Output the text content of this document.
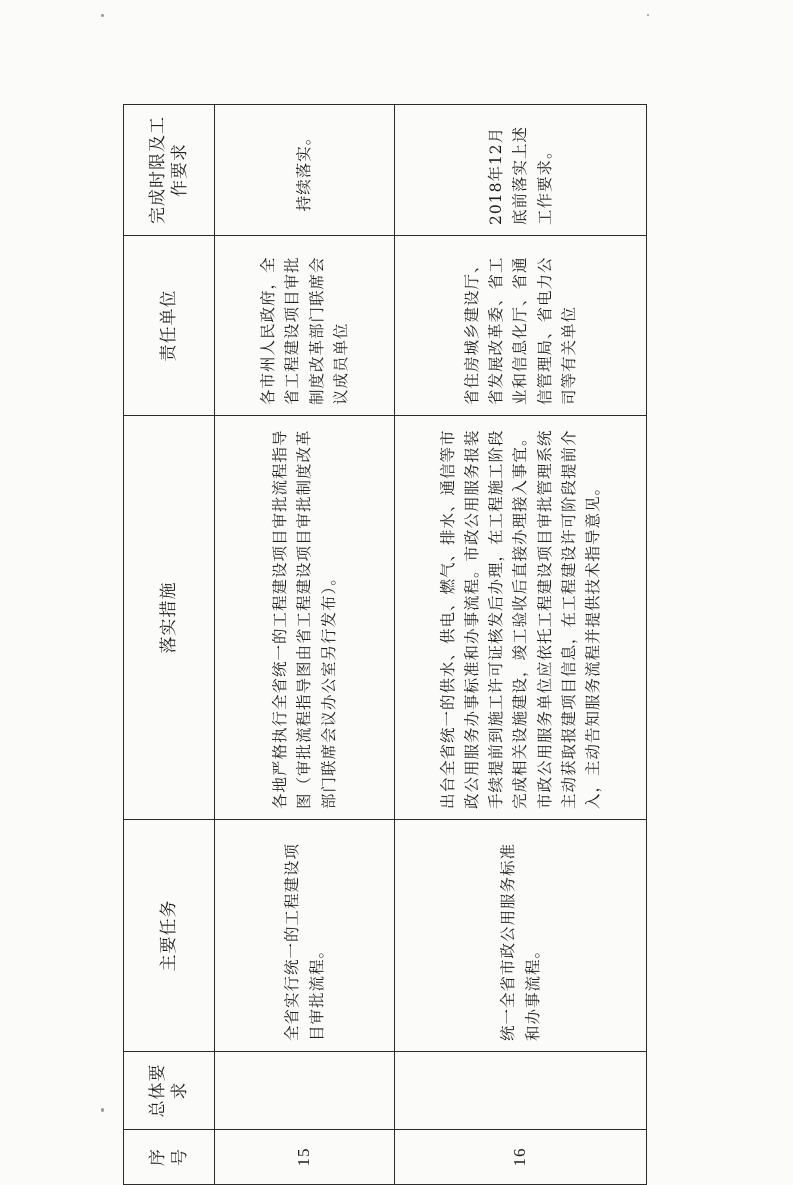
序号	总体要求	主要任务	落实措施	责任单位	完成时限及工作要求
15		全省实行统一的工程建设项目审批流程。	各地严格执行全省统一的工程建设项目审批流程指导图（审批流程指导图由省工程建设项目审批制度改革部门联席会议办公室另行发布）。	各市州人民政府，全省工程建设项目审批制度改革部门联席会议成员单位	持续落实。
16		统一全省市政公用服务标准和办事流程。	出台全省统一的供水、供电、燃气、排水、通信等市政公用服务办事标准和办事流程。市政公用服务报装手续提前到施工许可证核发后办理，在工程施工阶段完成相关设施建设，竣工验收后直接办理接入事宜。市政公用服务单位应依托工程建设项目审批管理系统主动获取报建项目信息，在工程建设许可阶段提前介入，主动告知服务流程并提供技术指导意见。	省住房城乡建设厅、省发展改革委、省工业和信息化厅、省通信管理局、省电力公司等有关单位	2018年12月底前落实上述工作要求。
